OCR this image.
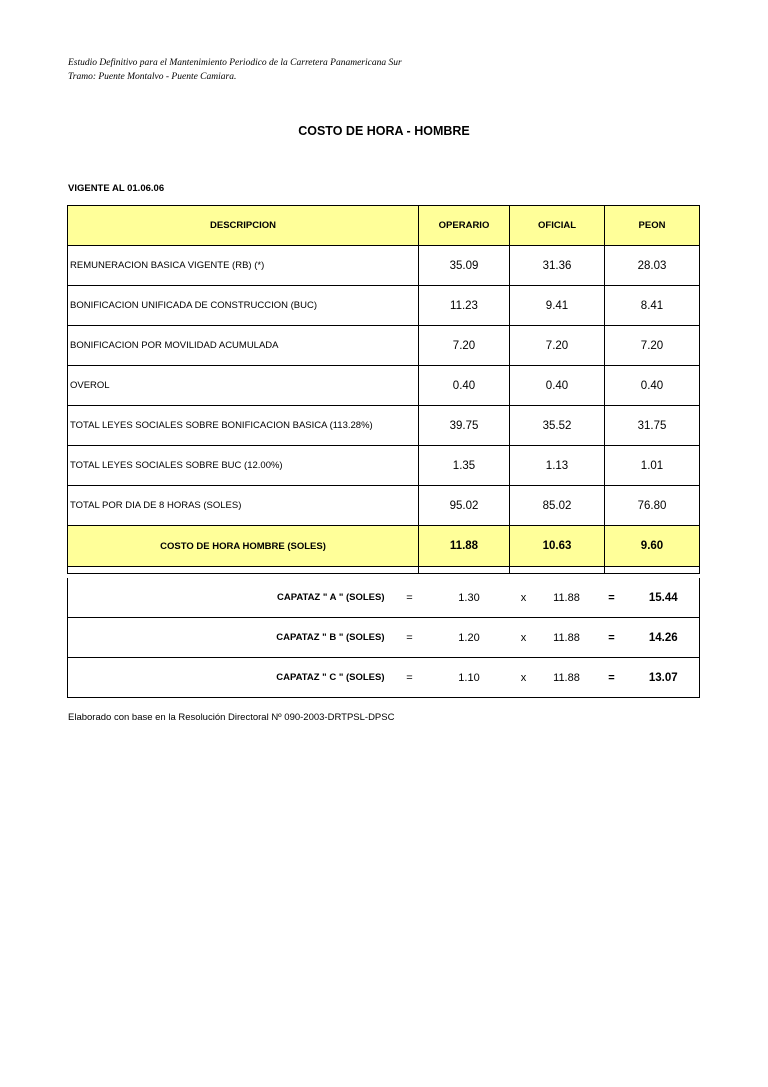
Estudio Definitivo para el Mantenimiento Periodico de la Carretera Panamericana Sur
Tramo: Puente Montalvo - Puente Camiara.
COSTO DE HORA - HOMBRE
VIGENTE AL 01.06.06
DESCRIPCION	OPERARIO	OFICIAL	PEON
REMUNERACION BASICA VIGENTE (RB) (*)	35.09	31.36	28.03
BONIFICACION UNIFICADA DE CONSTRUCCION (BUC)	11.23	9.41	8.41
BONIFICACION POR MOVILIDAD ACUMULADA	7.20	7.20	7.20
OVEROL	0.40	0.40	0.40
TOTAL LEYES SOCIALES SOBRE BONIFICACION BASICA (113.28%)	39.75	35.52	31.75
TOTAL LEYES SOCIALES SOBRE BUC (12.00%)	1.35	1.13	1.01
TOTAL POR DIA DE 8 HORAS (SOLES)	95.02	85.02	76.80
COSTO DE HORA HOMBRE (SOLES)	11.88	10.63	9.60

CAPATAZ " A " (SOLES)	=	1.30	x	11.88	=	15.44
CAPATAZ " B " (SOLES)	=	1.20	x	11.88	=	14.26
CAPATAZ " C " (SOLES)	=	1.10	x	11.88	=	13.07
Elaborado con base en la Resolución Directoral Nº 090-2003-DRTPSL-DPSC
